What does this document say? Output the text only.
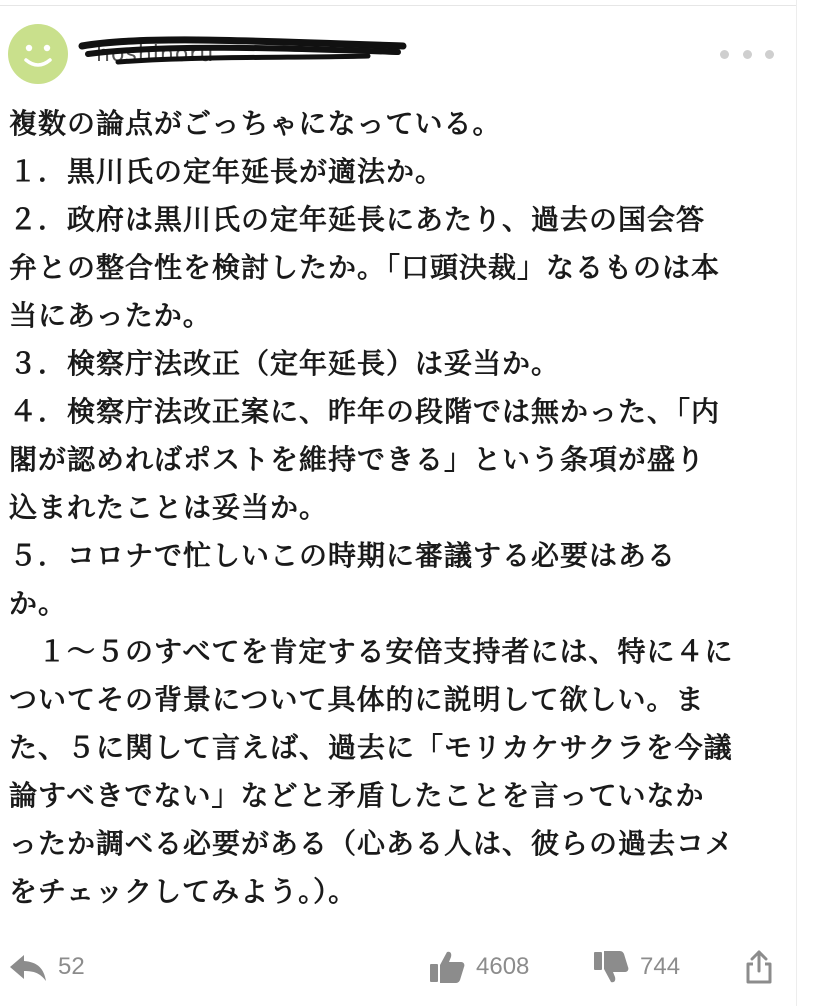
hoshinoru
複数の論点がごっちゃになっている。
１．黒川氏の定年延長が適法か。
２．政府は黒川氏の定年延長にあたり、過去の国会答
弁との整合性を検討したか。「口頭決裁」なるものは本
当にあったか。
３．検察庁法改正（定年延長）は妥当か。
４．検察庁法改正案に、昨年の段階では無かった、「内
閣が認めればポストを維持できる」という条項が盛り
込まれたことは妥当か。
５．コロナで忙しいこの時期に審議する必要はある
か。
　１～５のすべてを肯定する安倍支持者には、特に４に
ついてその背景について具体的に説明して欲しい。ま
た、５に関して言えば、過去に「モリカケサクラを今議
論すべきでない」などと矛盾したことを言っていなか
ったか調べる必要がある（心ある人は、彼らの過去コメ
をチェックしてみよう。）。
52	4608	744
